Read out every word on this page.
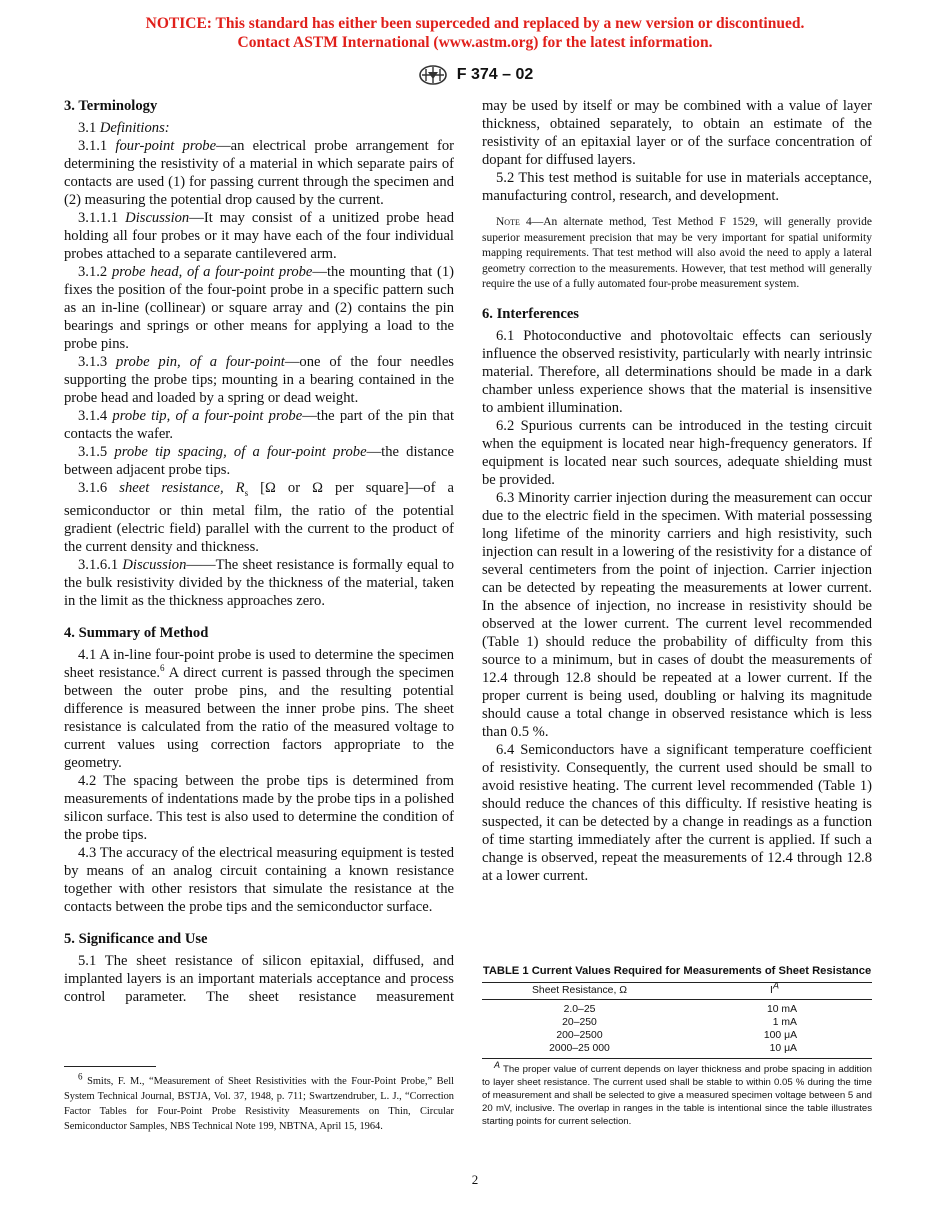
NOTICE: This standard has either been superceded and replaced by a new version or discontinued.
Contact ASTM International (www.astm.org) for the latest information.
F 374 – 02
3. Terminology

3.1 Definitions:

3.1.1 four-point probe—an electrical probe arrangement for determining the resistivity of a material in which separate pairs of contacts are used (1) for passing current through the specimen and (2) measuring the potential drop caused by the current.

3.1.1.1 Discussion—It may consist of a unitized probe head holding all four probes or it may have each of the four individual probes attached to a separate cantilevered arm.

3.1.2 probe head, of a four-point probe—the mounting that (1) fixes the position of the four-point probe in a specific pattern such as an in-line (collinear) or square array and (2) contains the pin bearings and springs or other means for applying a load to the probe pins.

3.1.3 probe pin, of a four-point—one of the four needles supporting the probe tips; mounting in a bearing contained in the probe head and loaded by a spring or dead weight.

3.1.4 probe tip, of a four-point probe—the part of the pin that contacts the wafer.

3.1.5 probe tip spacing, of a four-point probe—the distance between adjacent probe tips.

3.1.6 sheet resistance, $R_s$ [Ω or Ω per square]—of a semiconductor or thin metal film, the ratio of the potential gradient (electric field) parallel with the current to the product of the current density and thickness.

3.1.6.1 Discussion——The sheet resistance is formally equal to the bulk resistivity divided by the thickness of the material, taken in the limit as the thickness approaches zero.

4. Summary of Method

4.1 A in-line four-point probe is used to determine the specimen sheet resistance.$^6$ A direct current is passed through the specimen between the outer probe pins, and the resulting potential difference is measured between the inner probe pins. The sheet resistance is calculated from the ratio of the measured voltage to current values using correction factors appropriate to the geometry.

4.2 The spacing between the probe tips is determined from measurements of indentations made by the probe tips in a polished silicon surface. This test is also used to determine the condition of the probe tips.

4.3 The accuracy of the electrical measuring equipment is tested by means of an analog circuit containing a known resistance together with other resistors that simulate the resistance at the contacts between the probe tips and the semiconductor surface.

5. Significance and Use

5.1 The sheet resistance of silicon epitaxial, diffused, and implanted layers is an important materials acceptance and process control parameter. The sheet resistance measurement

may be used by itself or may be combined with a value of layer thickness, obtained separately, to obtain an estimate of the resistivity of an epitaxial layer or of the surface concentration of dopant for diffused layers.

5.2 This test method is suitable for use in materials acceptance, manufacturing control, research, and development.

Note 4—An alternate method, Test Method F 1529, will generally provide superior measurement precision that may be very important for spatial uniformity mapping requirements. That test method will also avoid the need to apply a lateral geometry correction to the measurements. However, that test method will generally require the use of a fully automated four-probe measurement system.
6. Interferences

6.1 Photoconductive and photovoltaic effects can seriously influence the observed resistivity, particularly with nearly intrinsic material. Therefore, all determinations should be made in a dark chamber unless experience shows that the material is insensitive to ambient illumination.

6.2 Spurious currents can be introduced in the testing circuit when the equipment is located near high-frequency generators. If equipment is located near such sources, adequate shielding must be provided.

6.3 Minority carrier injection during the measurement can occur due to the electric field in the specimen. With material possessing long lifetime of the minority carriers and high resistivity, such injection can result in a lowering of the resistivity for a distance of several centimeters from the point of injection. Carrier injection can be detected by repeating the measurements at lower current. In the absence of injection, no increase in resistivity should be observed at the lower current. The current level recommended (Table 1) should reduce the probability of difficulty from this source to a minimum, but in cases of doubt the measurements of 12.4 through 12.8 should be repeated at a lower current. If the proper current is being used, doubling or halving its magnitude should cause a total change in observed resistance which is less than 0.5 %.

6.4 Semiconductors have a significant temperature coefficient of resistivity. Consequently, the current used should be small to avoid resistive heating. The current level recommended (Table 1) should reduce the chances of this difficulty. If resistive heating is suspected, it can be detected by a change in readings as a function of time starting immediately after the current is applied. If such a change is observed, repeat the measurements of 12.4 through 12.8 at a lower current.

TABLE 1 Current Values Required for Measurements of Sheet Resistance
Sheet Resistance, Ω	$I^A$
2.0–25	10 mA
20–250	1 mA
200–2500	100 μA
2000–25 000	10 μA
$^A$ The proper value of current depends on layer thickness and probe spacing in addition to layer sheet resistance. The current used shall be stable to within 0.05 % during the time of measurement and shall be selected to give a measured specimen voltage between 5 and 20 mV, inclusive. The overlap in ranges in the table is intentional since the table illustrates starting points for current selection.
$^6$ Smits, F. M., “Measurement of Sheet Resistivities with the Four-Point Probe,” Bell System Technical Journal, BSTJA, Vol. 37, 1948, p. 711; Swartzendruber, L. J., “Correction Factor Tables for Four-Point Probe Resistivity Measurements on Thin, Circular Semiconductor Samples, NBS Technical Note 199, NBTNA, April 15, 1964.
2
